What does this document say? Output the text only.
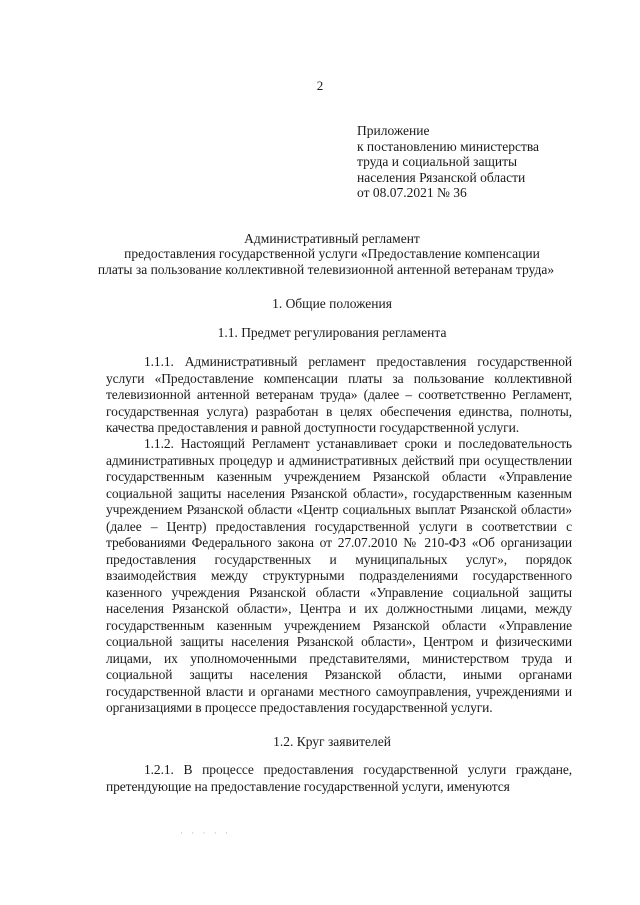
2
Приложение
к постановлению министерства
труда и социальной защиты
населения Рязанской области
от 08.07.2021 № 36
Административный регламент
предоставления государственной услуги «Предоставление компенсации
платы за пользование коллективной телевизионной антенной ветеранам труда»
1. Общие положения
1.1. Предмет регулирования регламента
1.1.1. Административный регламент предоставления государственной услуги «Предоставление компенсации платы за пользование коллективной телевизионной антенной ветеранам труда» (далее – соответственно Регламент, государственная услуга) разработан в целях обеспечения единства, полноты, качества предоставления и равной доступности государственной услуги.
1.1.2. Настоящий Регламент устанавливает сроки и последовательность административных процедур и административных действий при осуществлении государственным казенным учреждением Рязанской области «Управление социальной защиты населения Рязанской области», государственным казенным учреждением Рязанской области «Центр социальных выплат Рязанской области» (далее – Центр) предоставления государственной услуги в соответствии с требованиями Федерального закона от 27.07.2010 № 210-ФЗ «Об организации предоставления государственных и муниципальных услуг», порядок взаимодействия между структурными подразделениями государственного казенного учреждения Рязанской области «Управление социальной защиты населения Рязанской области», Центра и их должностными лицами, между государственным казенным учреждением Рязанской области «Управление социальной защиты населения Рязанской области», Центром и физическими лицами, их уполномоченными представителями, министерством труда и социальной защиты населения Рязанской области, иными органами государственной власти и органами местного самоуправления, учреждениями и организациями в процессе предоставления государственной услуги.
1.2. Круг заявителей
1.2.1. В процессе предоставления государственной услуги граждане, претендующие на предоставление государственной услуги, именуются
· · · · ·
